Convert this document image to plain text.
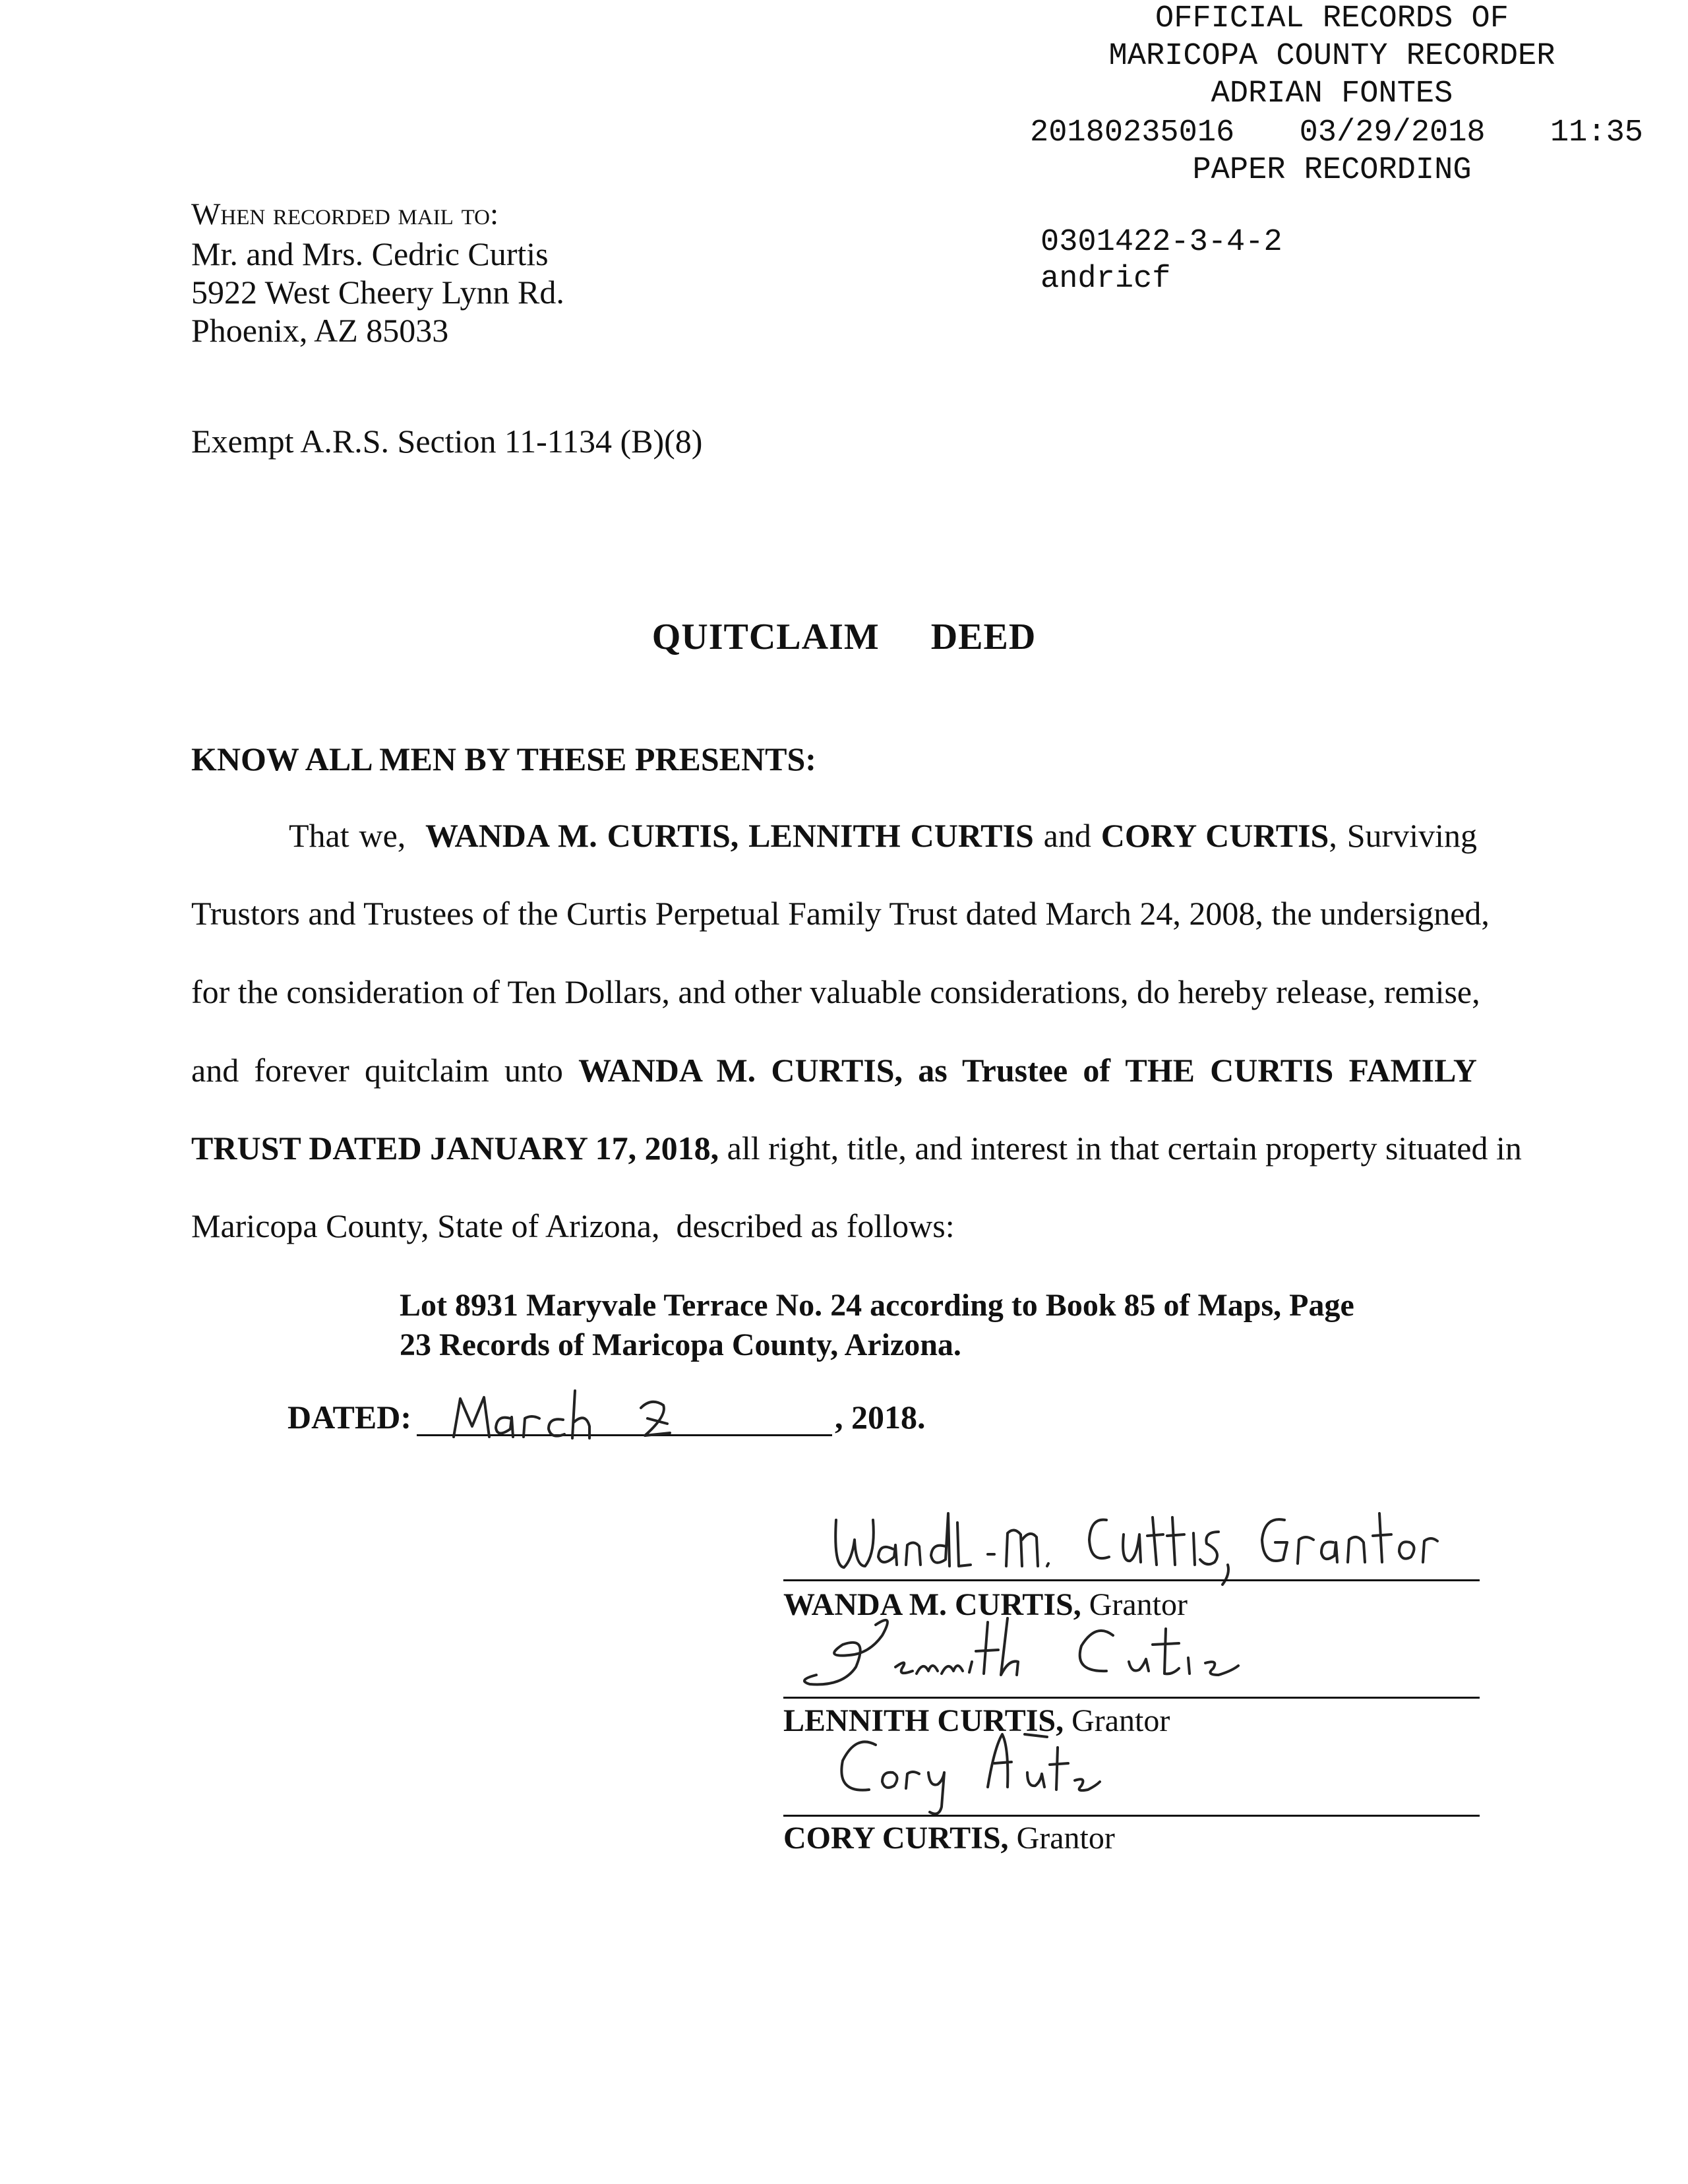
OFFICIAL RECORDS OF
MARICOPA COUNTY RECORDER
ADRIAN FONTES
20180235016 03/29/2018 11:35
PAPER RECORDING
0301422-3-4-2
andricf
When recorded mail to:
Mr. and Mrs. Cedric Curtis
5922 West Cheery Lynn Rd.
Phoenix, AZ 85033
Exempt A.R.S. Section 11-1134 (B)(8)
QUITCLAIM  DEED
KNOW ALL MEN BY THESE PRESENTS:
That we,  WANDA M. CURTIS, LENNITH CURTIS and CORY CURTIS, Surviving
Trustors and Trustees of the Curtis Perpetual Family Trust dated March 24, 2008, the undersigned,
for the consideration of Ten Dollars, and other valuable considerations, do hereby release, remise,
and forever quitclaim unto WANDA M. CURTIS, as Trustee of THE CURTIS FAMILY
TRUST DATED JANUARY 17, 2018, all right, title, and interest in that certain property situated in
Maricopa County, State of Arizona,  described as follows:
Lot 8931 Maryvale Terrace No. 24 according to Book 85 of Maps, Page
23 Records of Maricopa County, Arizona.
DATED:	, 2018.
WANDA M. CURTIS, Grantor
LENNITH CURTIS, Grantor
CORY CURTIS, Grantor
